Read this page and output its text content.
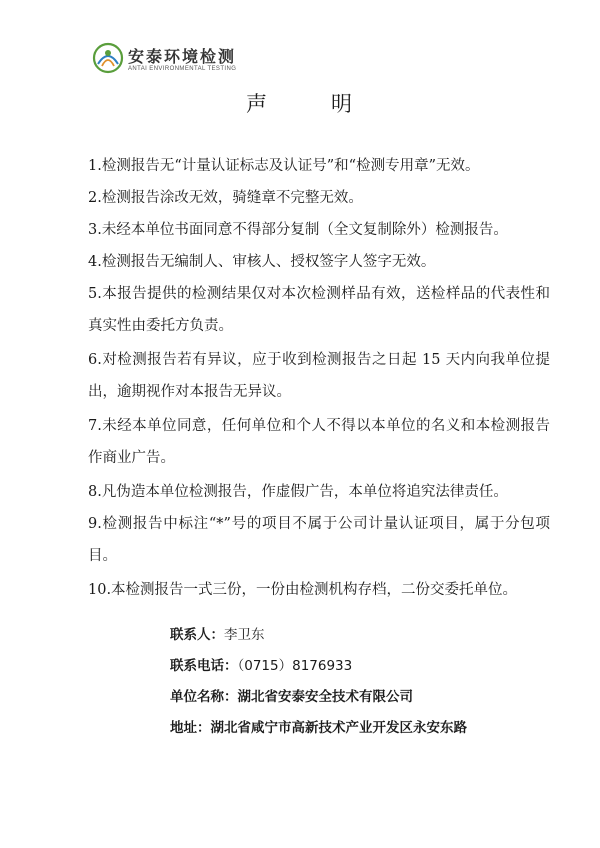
安泰环境检测
ANTAI ENVIRONMENTAL TESTING
声	明
1.检测报告无“计量认证标志及认证号”和“检测专用章”无效。
2.检测报告涂改无效，骑缝章不完整无效。
3.未经本单位书面同意不得部分复制（全文复制除外）检测报告。
4.检测报告无编制人、审核人、授权签字人签字无效。
5.本报告提供的检测结果仅对本次检测样品有效，送检样品的代表性和真实性由委托方负责。
6.对检测报告若有异议，应于收到检测报告之日起 15 天内向我单位提出，逾期视作对本报告无异议。
7.未经本单位同意，任何单位和个人不得以本单位的名义和本检测报告作商业广告。
8.凡伪造本单位检测报告，作虚假广告，本单位将追究法律责任。
9.检测报告中标注“*”号的项目不属于公司计量认证项目，属于分包项目。
10.本检测报告一式三份，一份由检测机构存档，二份交委托单位。
联系人：李卫东
联系电话：（0715）8176933
单位名称：湖北省安泰安全技术有限公司
地址：湖北省咸宁市高新技术产业开发区永安东路
